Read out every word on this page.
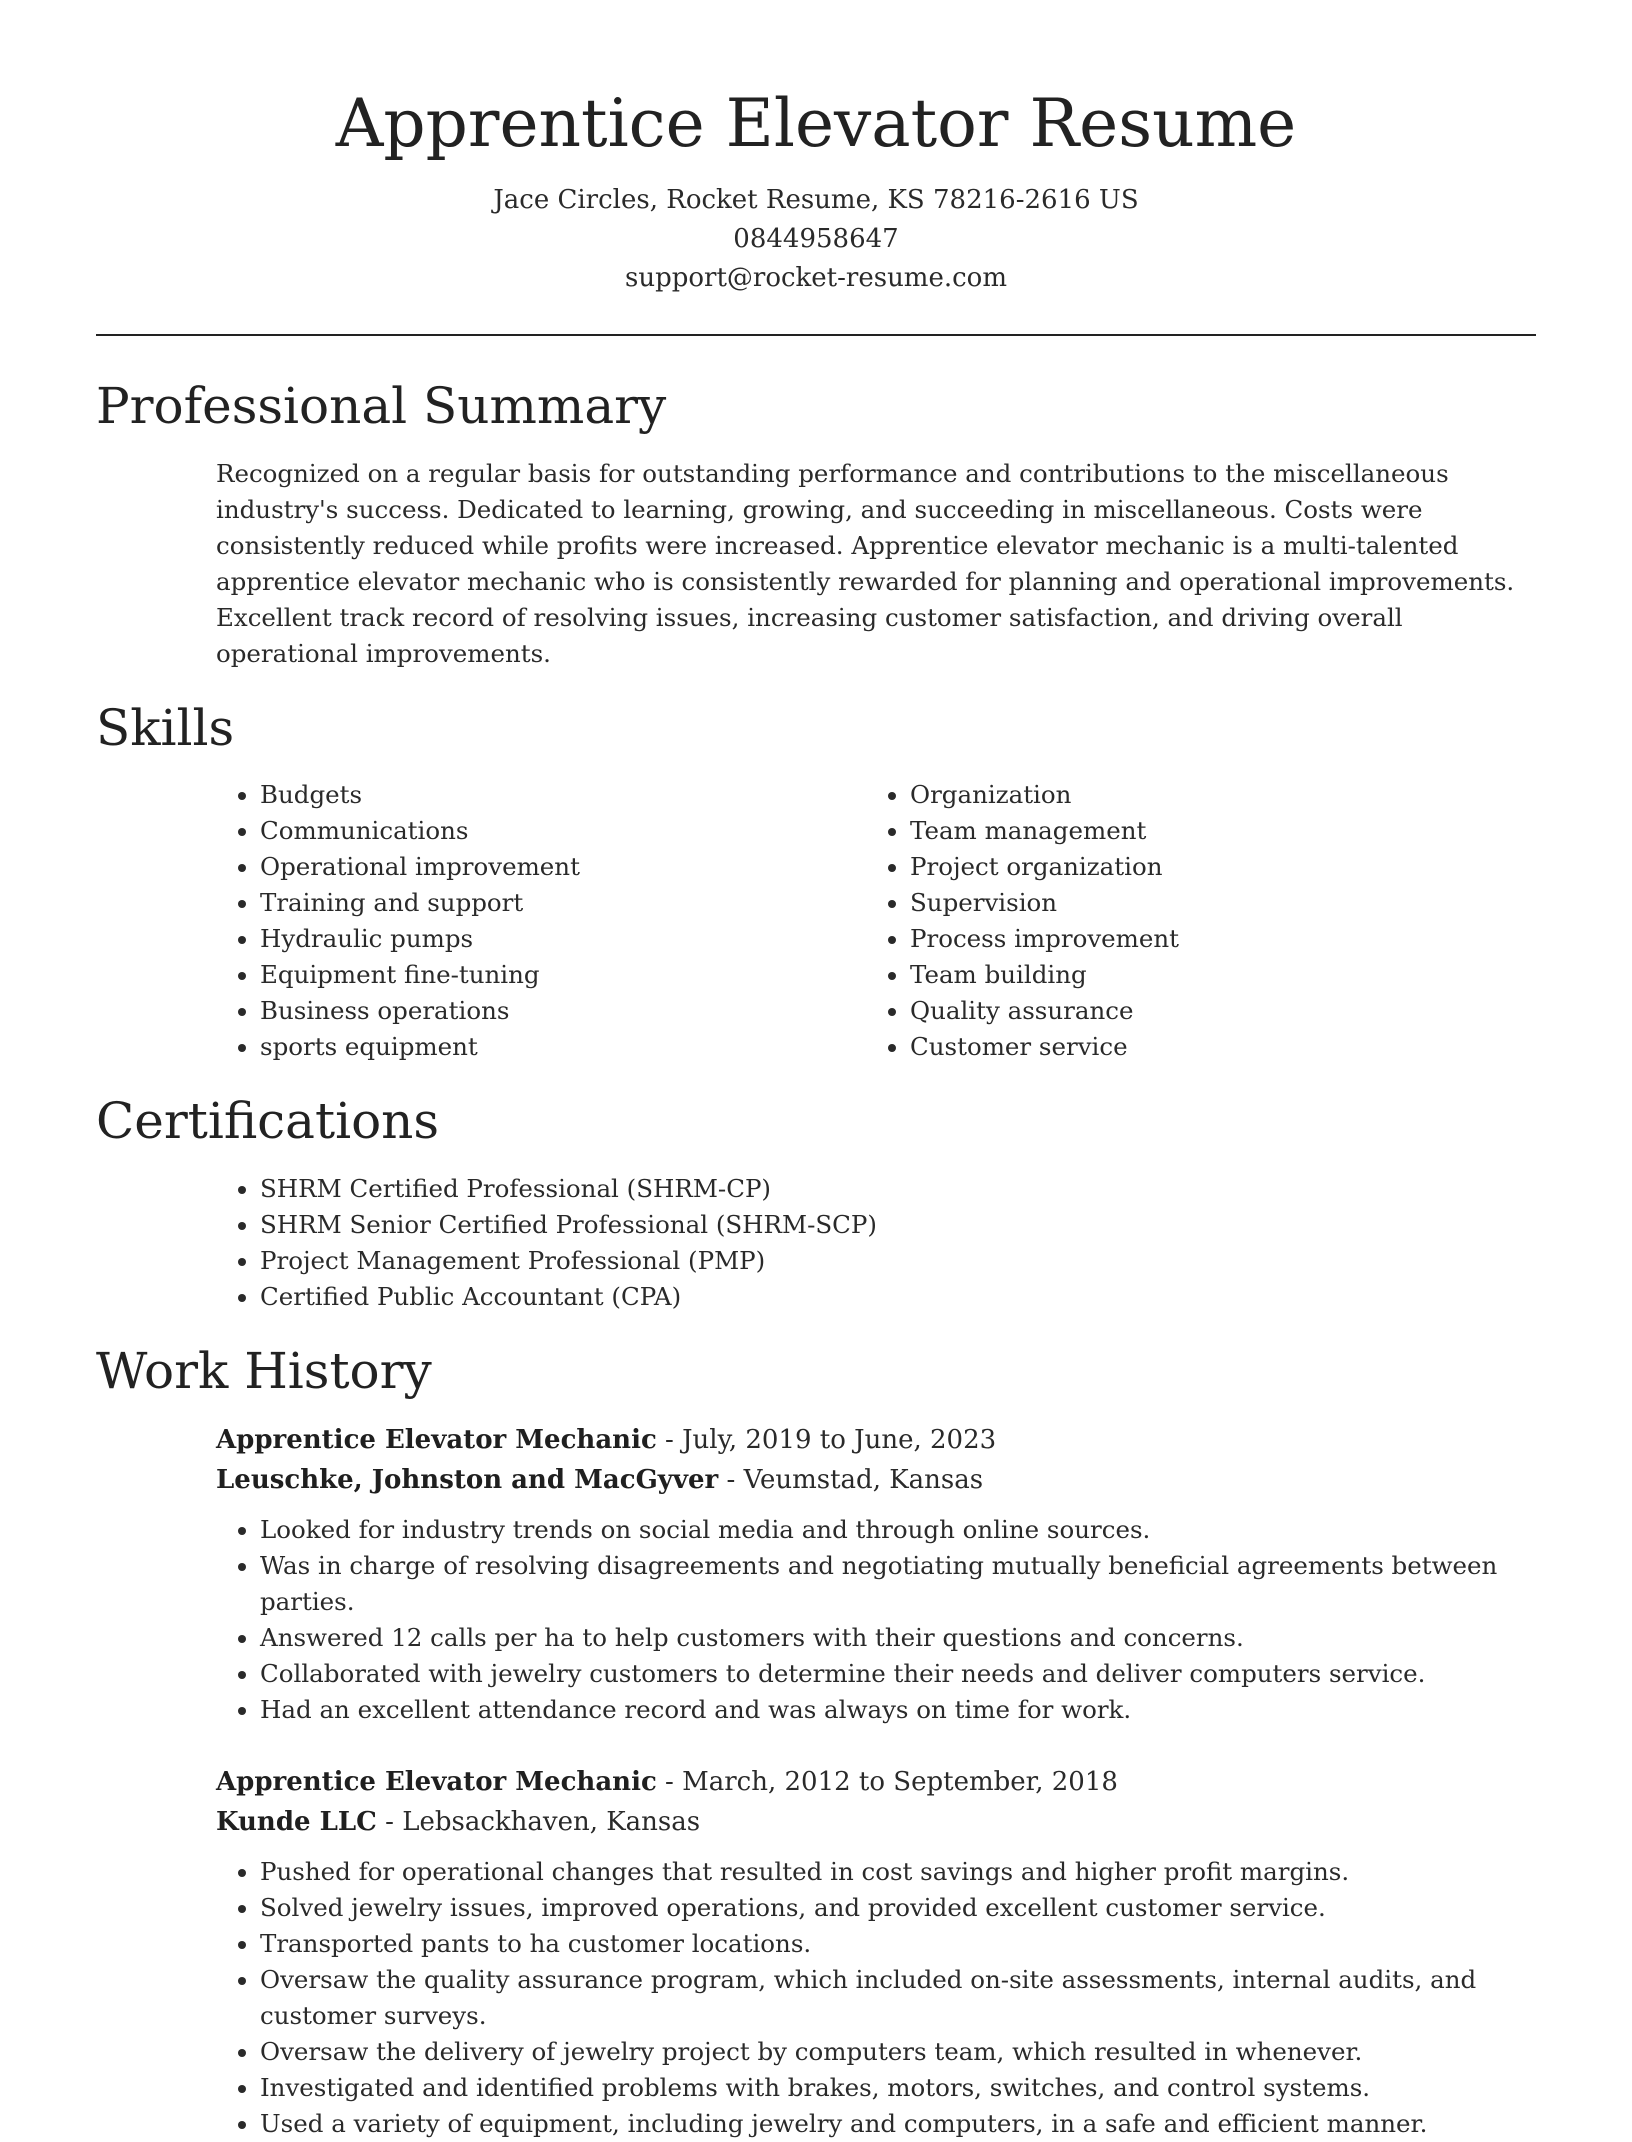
Apprentice Elevator Resume
Jace Circles, Rocket Resume, KS 78216-2616 US
0844958647
support@rocket-resume.com
Professional Summary

Recognized on a regular basis for outstanding performance and contributions to the miscellaneous industry's success. Dedicated to learning, growing, and succeeding in miscellaneous. Costs were consistently reduced while profits were increased. Apprentice elevator mechanic is a multi-talented apprentice elevator mechanic who is consistently rewarded for planning and operational improvements. Excellent track record of resolving issues, increasing customer satisfaction, and driving overall operational improvements.

Skills
• Budgets
• Communications
• Operational improvement
• Training and support
• Hydraulic pumps
• Equipment fine-tuning
• Business operations
• sports equipment
• Organization
• Team management
• Project organization
• Supervision
• Process improvement
• Team building
• Quality assurance
• Customer service
Certifications
• SHRM Certified Professional (SHRM-CP)
• SHRM Senior Certified Professional (SHRM-SCP)
• Project Management Professional (PMP)
• Certified Public Accountant (CPA)
Work History
Apprentice Elevator Mechanic - July, 2019 to June, 2023
Leuschke, Johnston and MacGyver - Veumstad, Kansas
• Looked for industry trends on social media and through online sources.
• Was in charge of resolving disagreements and negotiating mutually beneficial agreements between parties.
• Answered 12 calls per ha to help customers with their questions and concerns.
• Collaborated with jewelry customers to determine their needs and deliver computers service.
• Had an excellent attendance record and was always on time for work.
Apprentice Elevator Mechanic - March, 2012 to September, 2018
Kunde LLC - Lebsackhaven, Kansas
• Pushed for operational changes that resulted in cost savings and higher profit margins.
• Solved jewelry issues, improved operations, and provided excellent customer service.
• Transported pants to ha customer locations.
• Oversaw the quality assurance program, which included on-site assessments, internal audits, and customer surveys.
• Oversaw the delivery of jewelry project by computers team, which resulted in whenever.
• Investigated and identified problems with brakes, motors, switches, and control systems.
• Used a variety of equipment, including jewelry and computers, in a safe and efficient manner.
